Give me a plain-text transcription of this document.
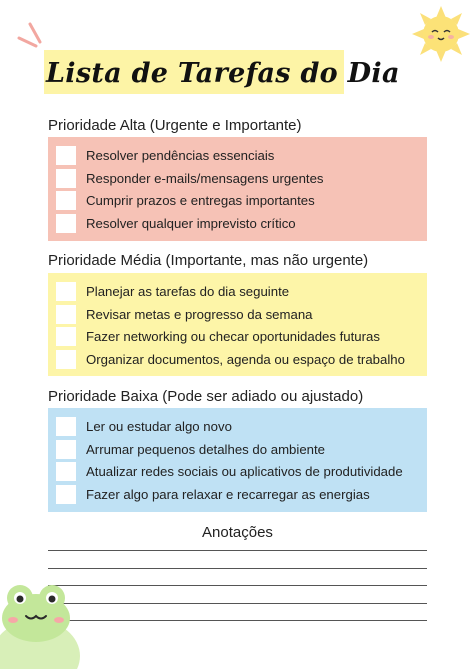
Lista de Tarefas do Dia
Prioridade Alta (Urgente e Importante)
Resolver pendências essenciais
Responder e-mails/mensagens urgentes
Cumprir prazos e entregas importantes
Resolver qualquer imprevisto crítico
Prioridade Média (Importante, mas não urgente)
Planejar as tarefas do dia seguinte
Revisar metas e progresso da semana
Fazer networking ou checar oportunidades futuras
Organizar documentos, agenda ou espaço de trabalho
Prioridade Baixa (Pode ser adiado ou ajustado)
Ler ou estudar algo novo
Arrumar pequenos detalhes do ambiente
Atualizar redes sociais ou aplicativos de produtividade
Fazer algo para relaxar e recarregar as energias
Anotações
